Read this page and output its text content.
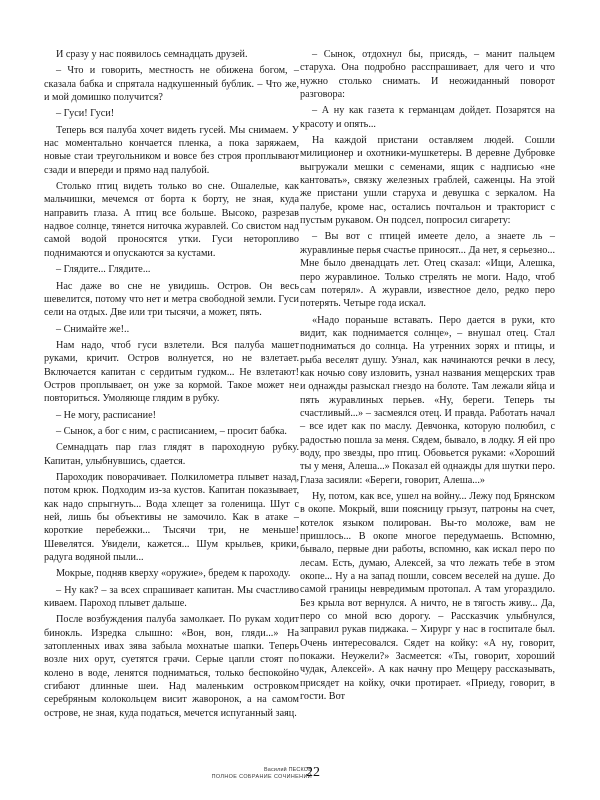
И сразу у нас появилось семнадцать друзей.

– Что и говорить, местность не обижена богом, – сказала бабка и спрятала надкушенный бублик. – Что же, и мой домишко получится?

– Гуси! Гуси!

Теперь вся палуба хочет видеть гусей. Мы снимаем. У нас моментально кончается пленка, а пока заряжаем, новые стаи треугольником и вовсе без строя проплывают сзади и впереди и прямо над палубой.

Столько птиц видеть только во сне. Ошалелые, как мальчишки, мечемся от борта к борту, не зная, куда направить глаза. А птиц все больше. Высоко, разрезав надвое солнце, тянется ниточка журавлей. Со свистом над самой водой проносятся утки. Гуси неторопливо поднимаются и опускаются за кустами.

– Глядите... Глядите...

Нас даже во сне не увидишь. Остров. Он весь шевелится, потому что нет и метра свободной земли. Гуси сели на отдых. Две или три тысячи, а может, пять.

– Снимайте же!..

Нам надо, чтоб гуси взлетели. Вся палуба машет руками, кричит. Остров волнуется, но не взлетает. Включается капитан с сердитым гудком... Не взлетают! Остров проплывает, он уже за кормой. Такое может не повториться. Умоляюще глядим в рубку.

– Не могу, расписание!

– Сынок, а бог с ним, с расписанием, – просит бабка.

Семнадцать пар глаз глядят в пароходную рубку. Капитан, улыбнувшись, сдается.

Пароходик поворачивает. Полкилометра плывет назад, потом крюк. Подходим из-за кустов. Капитан показывает, как надо спрыгнуть... Вода хлещет за голенища. Шут с ней, лишь бы объективы не замочило. Как в атаке – короткие перебежки... Тысячи три, не меньше! Шевелятся. Увидели, кажется... Шум крыльев, крики, радуга водяной пыли...

Мокрые, подняв кверху «оружие», бредем к пароходу.

– Ну как? – за всех спрашивает капитан. Мы счастливо киваем. Пароход плывет дальше.

После возбуждения палуба замолкает. По рукам ходит бинокль. Изредка слышно: «Вон, вон, гляди...» На затопленных ивах зява забыла мохнатые шапки. Теперь возле них орут, суетятся грачи. Серые цапли стоят по колено в воде, ленятся подниматься, только беспокойно сгибают длинные шеи. Над маленьким островком серебряным колокольцем висит жаворонок, а на самом острове, не зная, куда податься, мечется испуганный заяц.

– Сынок, отдохнул бы, присядь, – манит пальцем старуха. Она подробно расспрашивает, для чего и что нужно столько снимать. И неожиданный поворот разговора:

– А ну как газета к германцам дойдет. Позарятся на красоту и опять...

На каждой пристани оставляем людей. Сошли милиционер и охотники-мушкетеры. В деревне Дубровке выгружали мешки с семенами, ящик с надписью «не кантовать», связку железных граблей, саженцы. На этой же пристани ушли старуха и девушка с зеркалом. На палубе, кроме нас, остались почтальон и тракторист с пустым рукавом. Он подсел, попросил сигарету:

– Вы вот с птицей имеете дело, а знаете ль – журавлиные перья счастье приносят... Да нет, я серьезно... Мне было двенадцать лет. Отец сказал: «Ищи, Алешка, перо журавлиное. Только стрелять не моги. Надо, чтоб сам потерял». А журавли, известное дело, редко перо потерять. Четыре года искал.

«Надо пораньше вставать. Перо дается в руки, кто видит, как поднимается солнце», – внушал отец. Стал подниматься до солнца. На утренних зорях и птицы, и рыба веселят душу. Узнал, как начинаются речки в лесу, как ночью сову изловить, узнал названия мещерских трав и однажды разыскал гнездо на болоте. Там лежали яйца и пять журавлиных перьев. «Ну, береги. Теперь ты счастливый...» – засмеялся отец. И правда. Работать начал – все идет как по маслу. Девчонка, которую полюбил, с радостью пошла за меня. Сядем, бывало, в лодку. Я ей про воду, про звезды, про птиц. Обовьется руками: «Хороший ты у меня, Алеша...» Показал ей однажды для шутки перо. Глаза засияли: «Береги, говорит, Алеша...»

Ну, потом, как все, ушел на войну... Лежу под Брянском в окопе. Мокрый, вши поясницу грызут, патроны на счет, котелок языком полирован. Вы-то моложе, вам не пришлось... В окопе многое передумаешь. Вспомню, бывало, первые дни работы, вспомню, как искал перо по лесам. Есть, думаю, Алексей, за что лежать тебе в этом окопе... Ну а на запад пошли, совсем веселей на душе. До самой границы невредимым протопал. А там угораздило. Без крыла вот вернулся. А ничто, не в тягость живу... Да, перо со мной всю дорогу. – Рассказчик улыбнулся, заправил рукав пиджака. – Хирург у нас в госпитале был. Очень интересовался. Сядет на койку: «А ну, говорит, покажи. Неужели?» Засмеется: «Ты, говорит, хороший чудак, Алексей». А как начну про Мещеру рассказывать, присядет на койку, очки протирает. «Приеду, говорит, в гости. Вот

Василий ПЕСКОВ
ПОЛНОЕ СОБРАНИЕ СОЧИНЕНИЙ
22
